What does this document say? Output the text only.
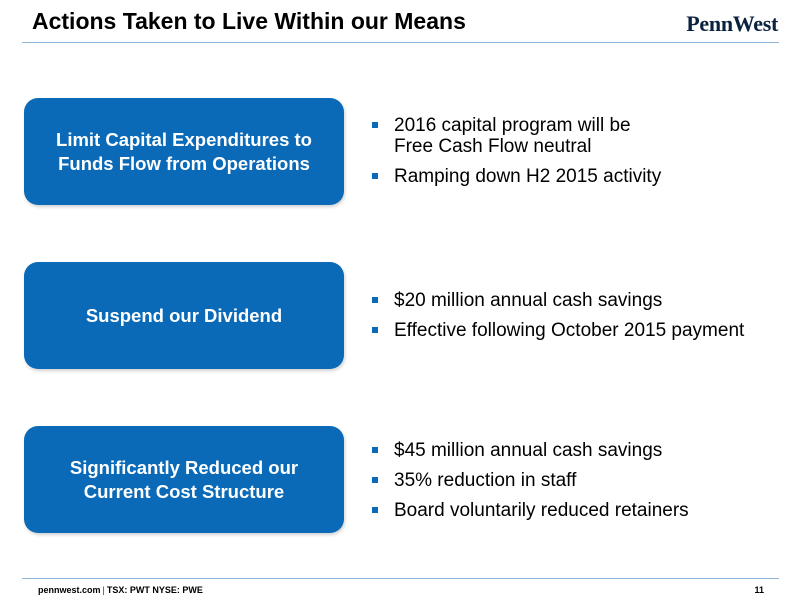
Actions Taken to Live Within our Means	PennWest
Limit Capital Expenditures to Funds Flow from Operations
2016 capital program will be Free Cash Flow neutral
Ramping down H2 2015 activity
Suspend our Dividend
$20 million annual cash savings
Effective following October 2015 payment
Significantly Reduced our Current Cost Structure
$45 million annual cash savings
35% reduction in staff
Board voluntarily reduced retainers
pennwest.com | TSX: PWT NYSE: PWE	11
